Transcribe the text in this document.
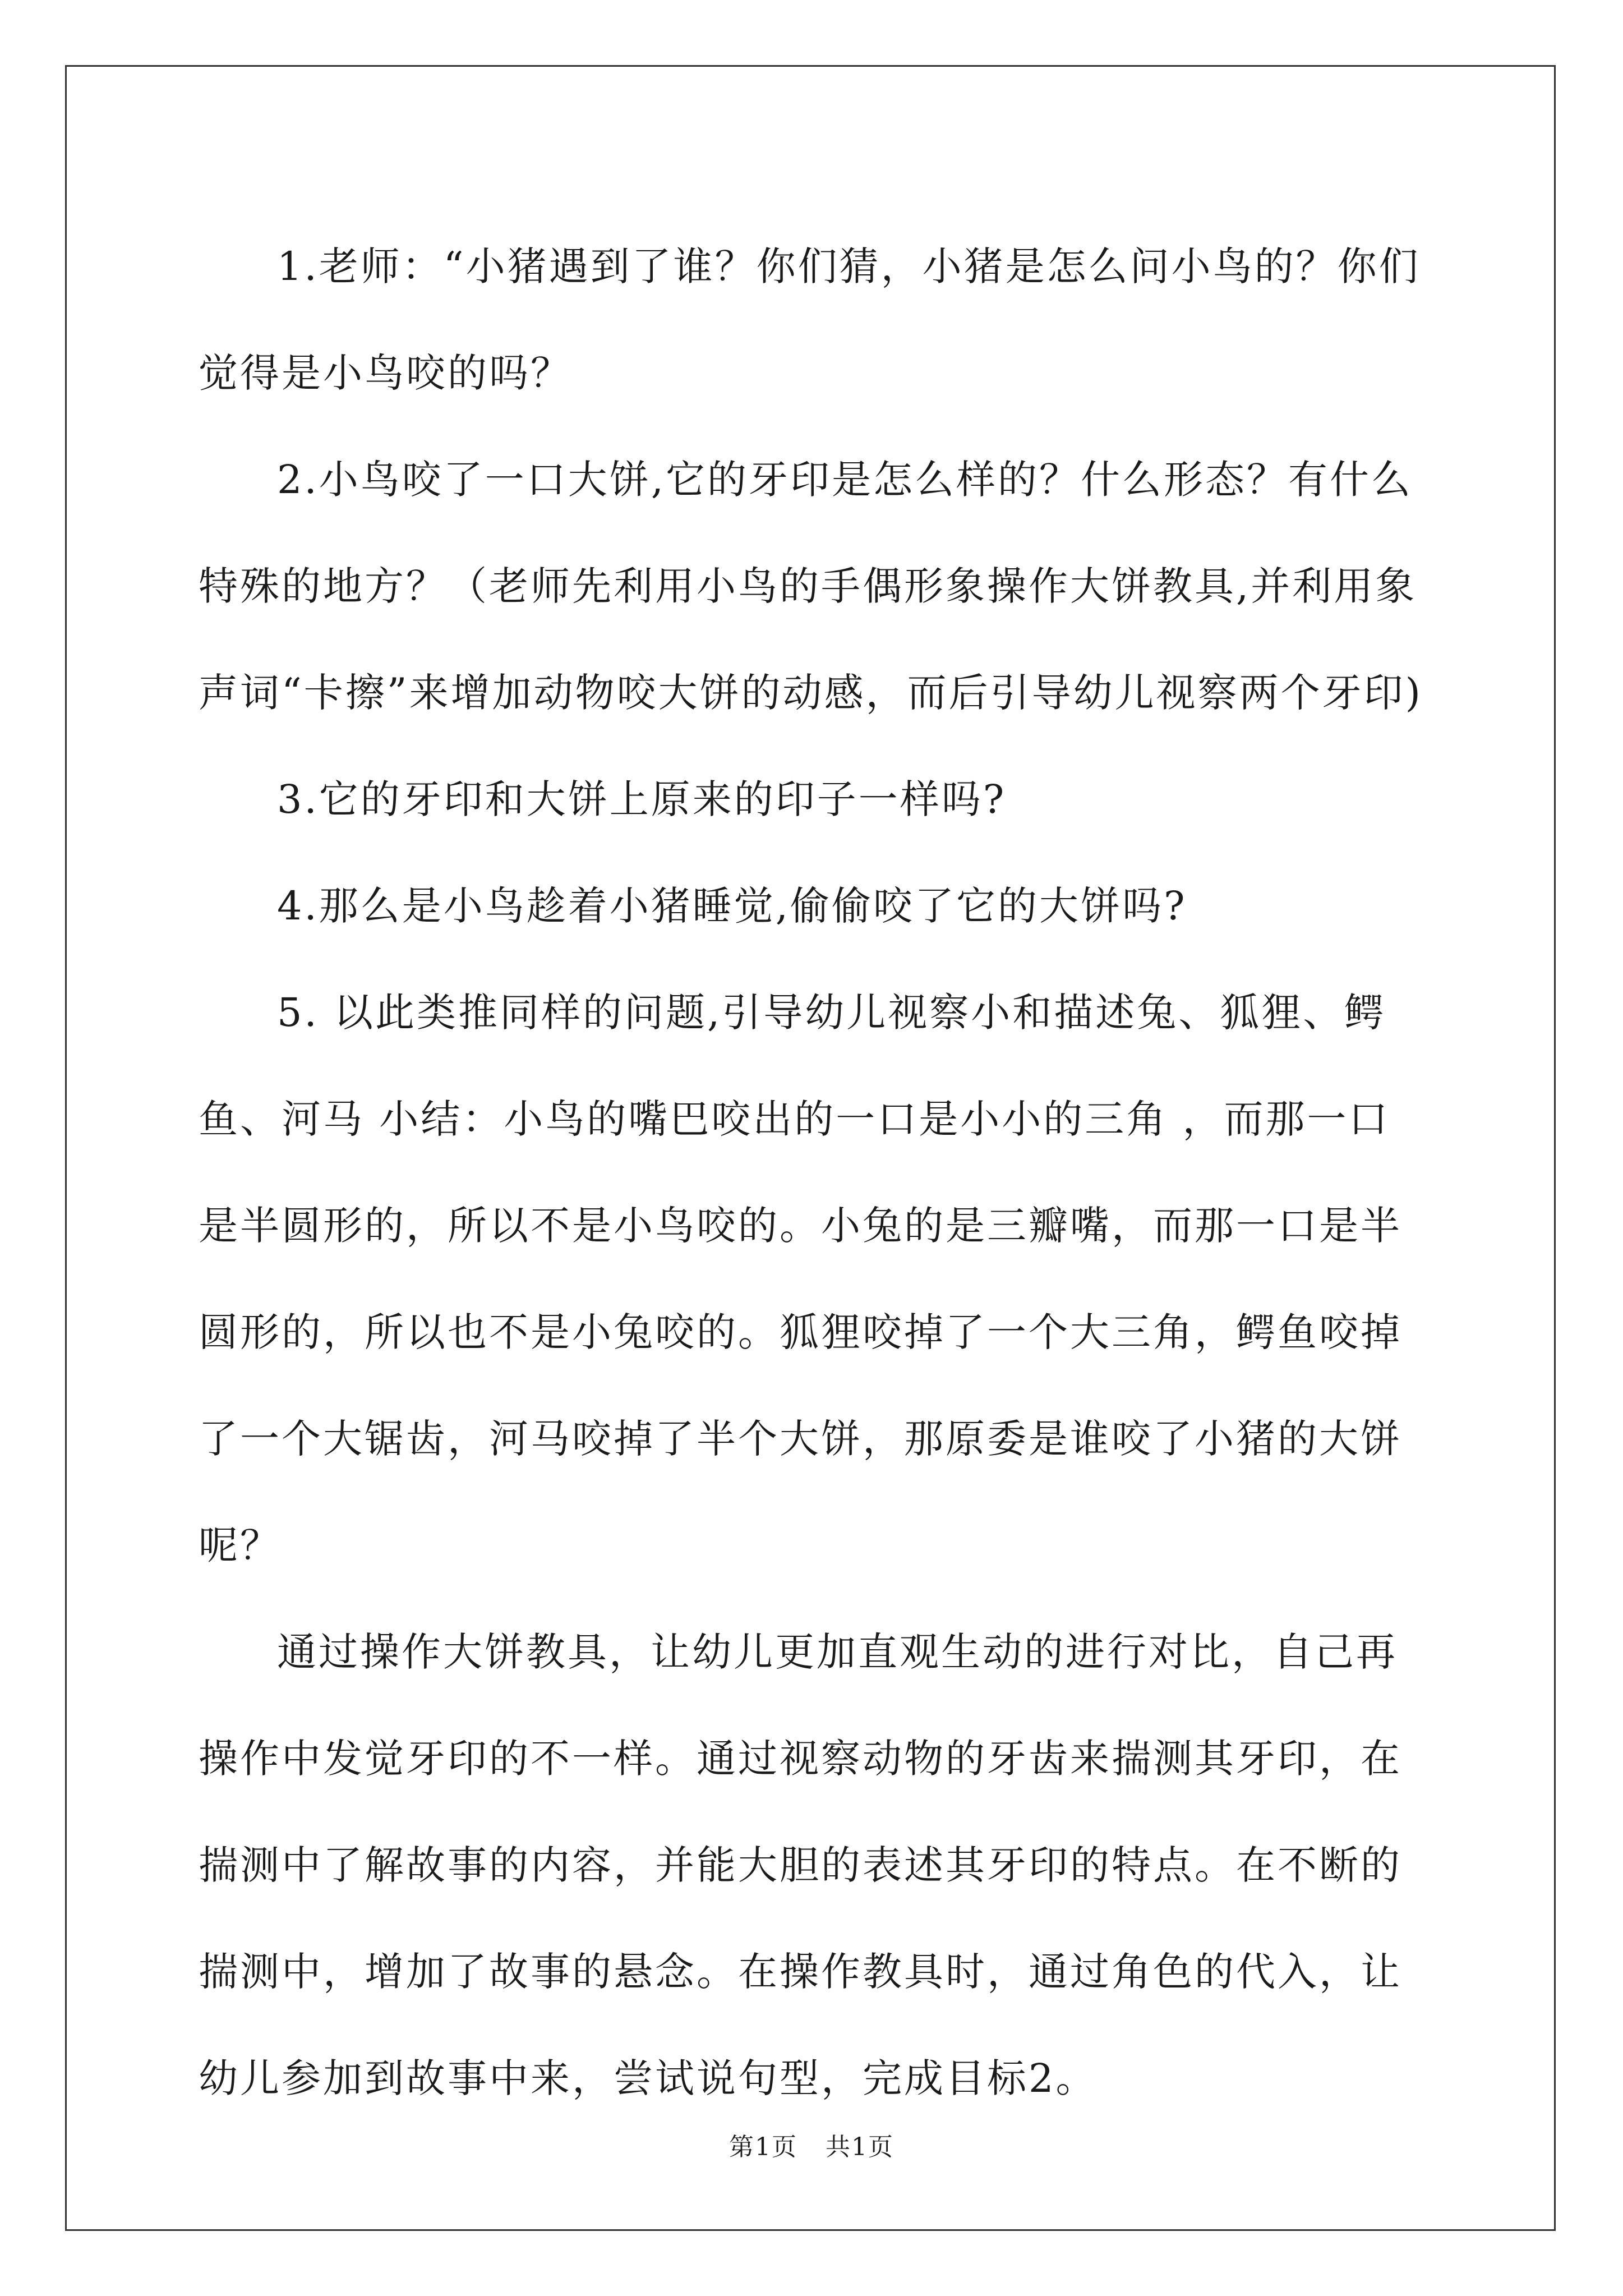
1.老师：“小猪遇到了谁？你们猜，小猪是怎么问小鸟的？你们觉得是小鸟咬的吗？

2.小鸟咬了一口大饼,它的牙印是怎么样的？什么形态？有什么特殊的地方？（老师先利用小鸟的手偶形象操作大饼教具,并利用象声词“卡擦”来增加动物咬大饼的动感，而后引导幼儿视察两个牙印)

3.它的牙印和大饼上原来的印子一样吗?

4.那么是小鸟趁着小猪睡觉,偷偷咬了它的大饼吗?

5. 以此类推同样的问题,引导幼儿视察小和描述兔、狐狸、鳄鱼、河马 小结：小鸟的嘴巴咬出的一口是小小的三角 ，而那一口是半圆形的，所以不是小鸟咬的。小兔的是三瓣嘴，而那一口是半圆形的，所以也不是小兔咬的。狐狸咬掉了一个大三角，鳄鱼咬掉了一个大锯齿，河马咬掉了半个大饼，那原委是谁咬了小猪的大饼呢？

通过操作大饼教具，让幼儿更加直观生动的进行对比，自己再操作中发觉牙印的不一样。通过视察动物的牙齿来揣测其牙印，在揣测中了解故事的内容，并能大胆的表述其牙印的特点。在不断的揣测中，增加了故事的悬念。在操作教具时，通过角色的代入，让幼儿参加到故事中来，尝试说句型，完成目标2。

第1页 共1页
